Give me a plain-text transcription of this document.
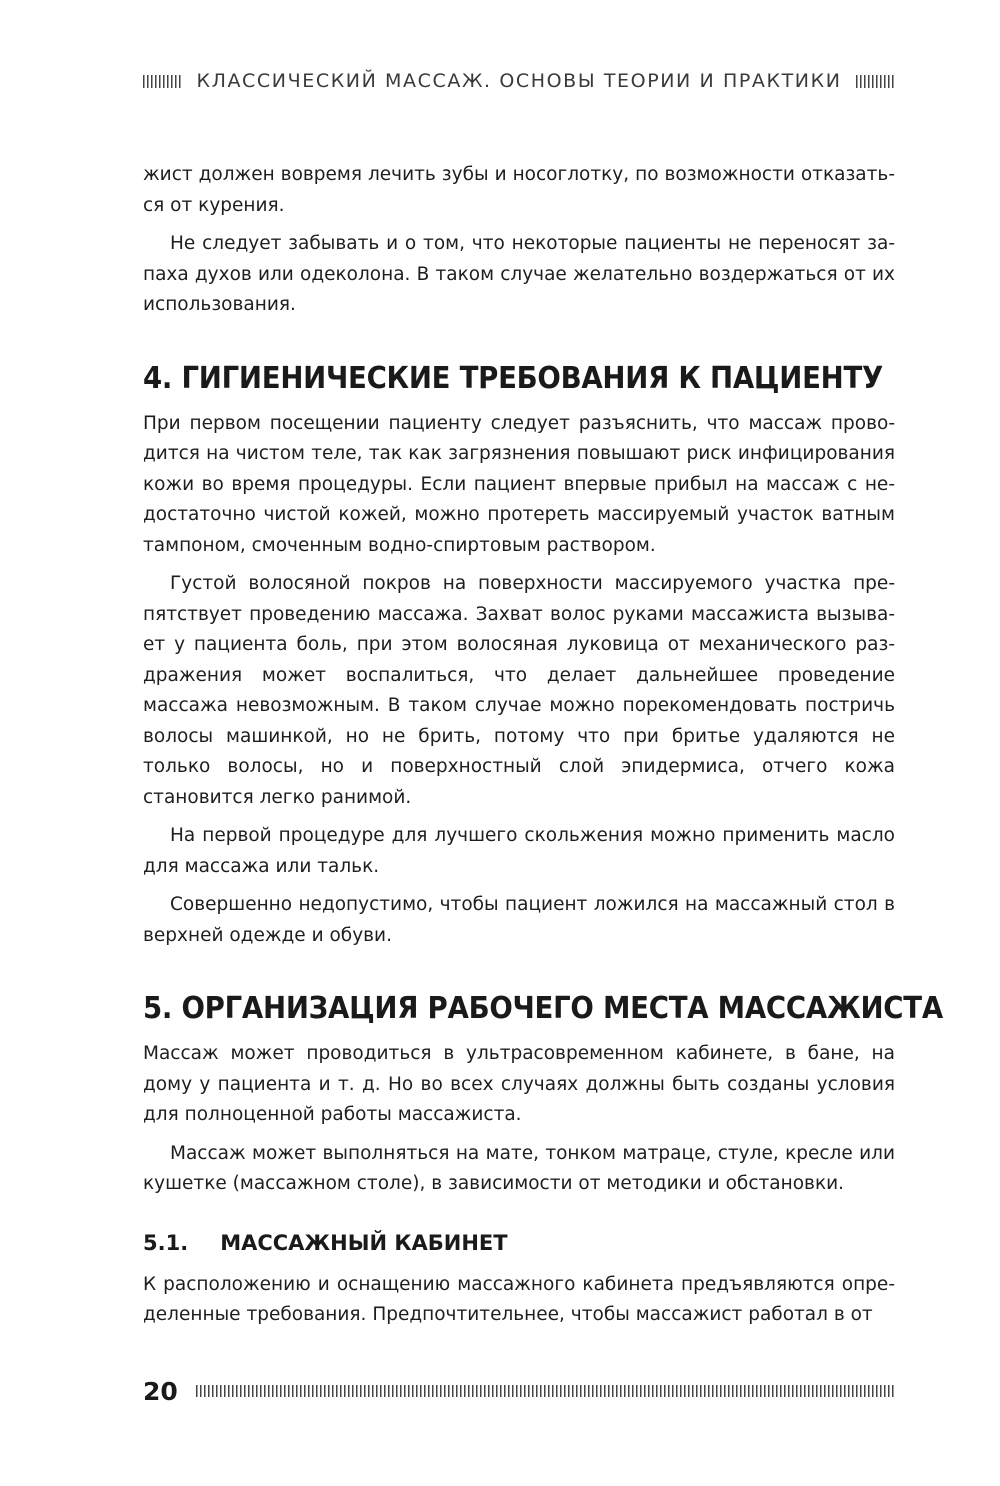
КЛАССИЧЕСКИЙ МАССАЖ. ОСНОВЫ ТЕОРИИ И ПРАКТИКИ

жист должен вовремя лечить зубы и носоглотку, по возможности отказаться от курения.

Не следует забывать и о том, что некоторые пациенты не переносят запаха духов или одеколона. В таком случае желательно воздержаться от их использования.

4. ГИГИЕНИЧЕСКИЕ ТРЕБОВАНИЯ К ПАЦИЕНТУ

При первом посещении пациенту следует разъяснить, что массаж проводится на чистом теле, так как загрязнения повышают риск инфицирования кожи во время процедуры. Если пациент впервые прибыл на массаж с недостаточно чистой кожей, можно протереть массируемый участок ватным тампоном, смоченным водно-спиртовым раствором.

Густой волосяной покров на поверхности массируемого участка препятствует проведению массажа. Захват волос руками массажиста вызывает у пациента боль, при этом волосяная луковица от механического раздражения может воспалиться, что делает дальнейшее проведение массажа невозможным. В таком случае можно порекомендовать постричь волосы машинкой, но не брить, потому что при бритье удаляются не только волосы, но и поверхностный слой эпидермиса, отчего кожа становится легко ранимой.

На первой процедуре для лучшего скольжения можно применить масло для массажа или тальк.

Совершенно недопустимо, чтобы пациент ложился на массажный стол в верхней одежде и обуви.

5. ОРГАНИЗАЦИЯ РАБОЧЕГО МЕСТА МАССАЖИСТА

Массаж может проводиться в ультрасовременном кабинете, в бане, на дому у пациента и т. д. Но во всех случаях должны быть созданы условия для полноценной работы массажиста.

Массаж может выполняться на мате, тонком матраце, стуле, кресле или кушетке (массажном столе), в зависимости от методики и обстановки.

5.1. МАССАЖНЫЙ КАБИНЕТ

К расположению и оснащению массажного кабинета предъявляются определенные требования. Предпочтительнее, чтобы массажист работал в от

20
